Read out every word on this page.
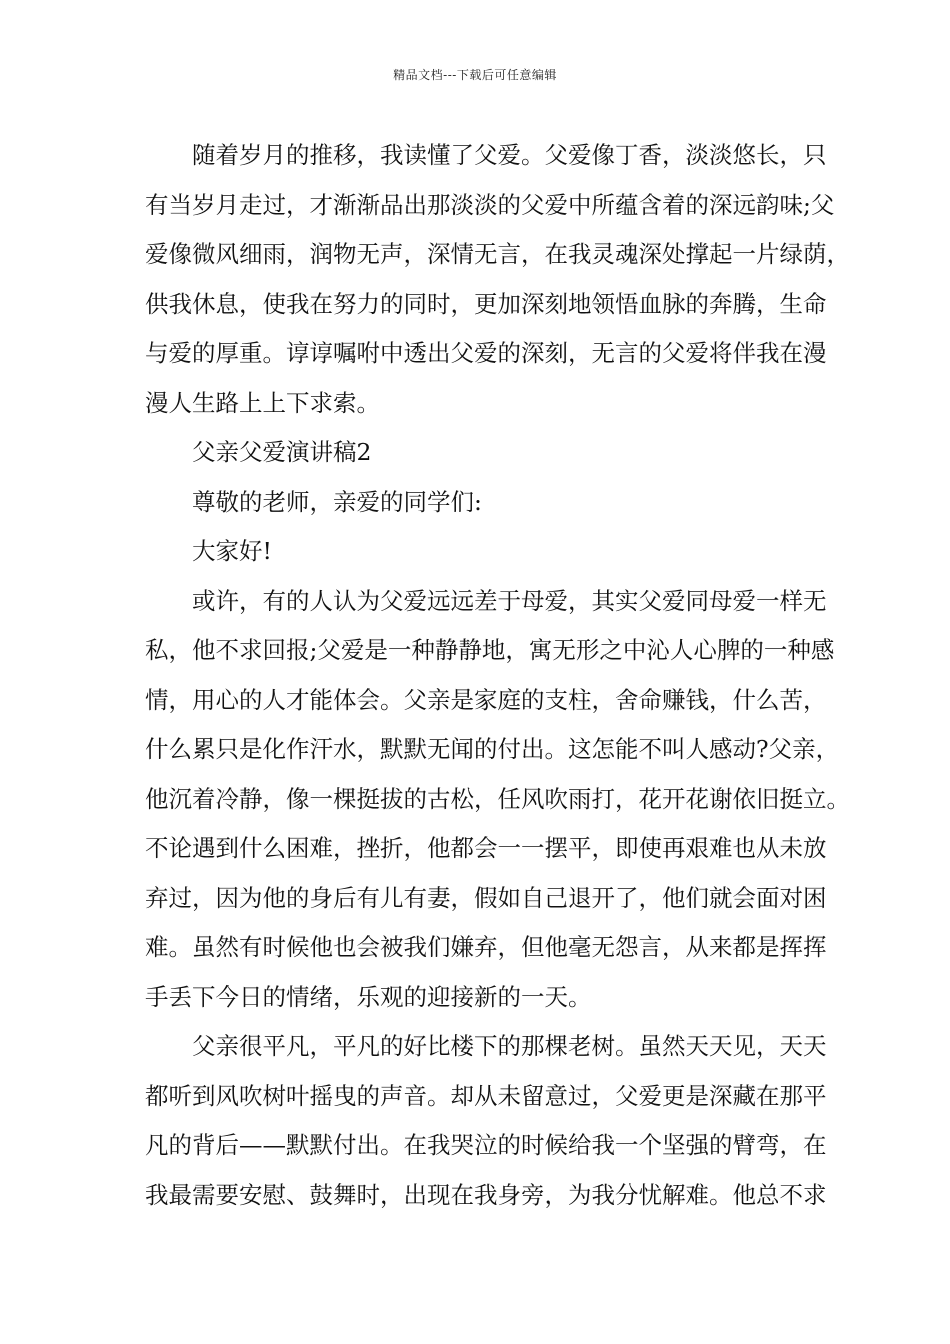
精品文档---下载后可任意编辑
随着岁月的推移，我读懂了父爱。父爱像丁香，淡淡悠长，只
有当岁月走过，才渐渐品出那淡淡的父爱中所蕴含着的深远韵味;父
爱像微风细雨，润物无声，深情无言，在我灵魂深处撑起一片绿荫，
供我休息，使我在努力的同时，更加深刻地领悟血脉的奔腾，生命
与爱的厚重。谆谆嘱咐中透出父爱的深刻，无言的父爱将伴我在漫
漫人生路上上下求索。
父亲父爱演讲稿2
尊敬的老师，亲爱的同学们:
大家好!
或许，有的人认为父爱远远差于母爱，其实父爱同母爱一样无
私，他不求回报;父爱是一种静静地，寓无形之中沁人心脾的一种感
情，用心的人才能体会。父亲是家庭的支柱，舍命赚钱，什么苦，
什么累只是化作汗水，默默无闻的付出。这怎能不叫人感动?父亲，
他沉着冷静，像一棵挺拔的古松，任风吹雨打，花开花谢依旧挺立。
不论遇到什么困难，挫折，他都会一一摆平，即使再艰难也从未放
弃过，因为他的身后有儿有妻，假如自己退开了，他们就会面对困
难。虽然有时候他也会被我们嫌弃，但他毫无怨言，从来都是挥挥
手丢下今日的情绪，乐观的迎接新的一天。
父亲很平凡，平凡的好比楼下的那棵老树。虽然天天见，天天
都听到风吹树叶摇曳的声音。却从未留意过，父爱更是深藏在那平
凡的背后——默默付出。在我哭泣的时候给我一个坚强的臂弯，在
我最需要安慰、鼓舞时，出现在我身旁，为我分忧解难。他总不求
